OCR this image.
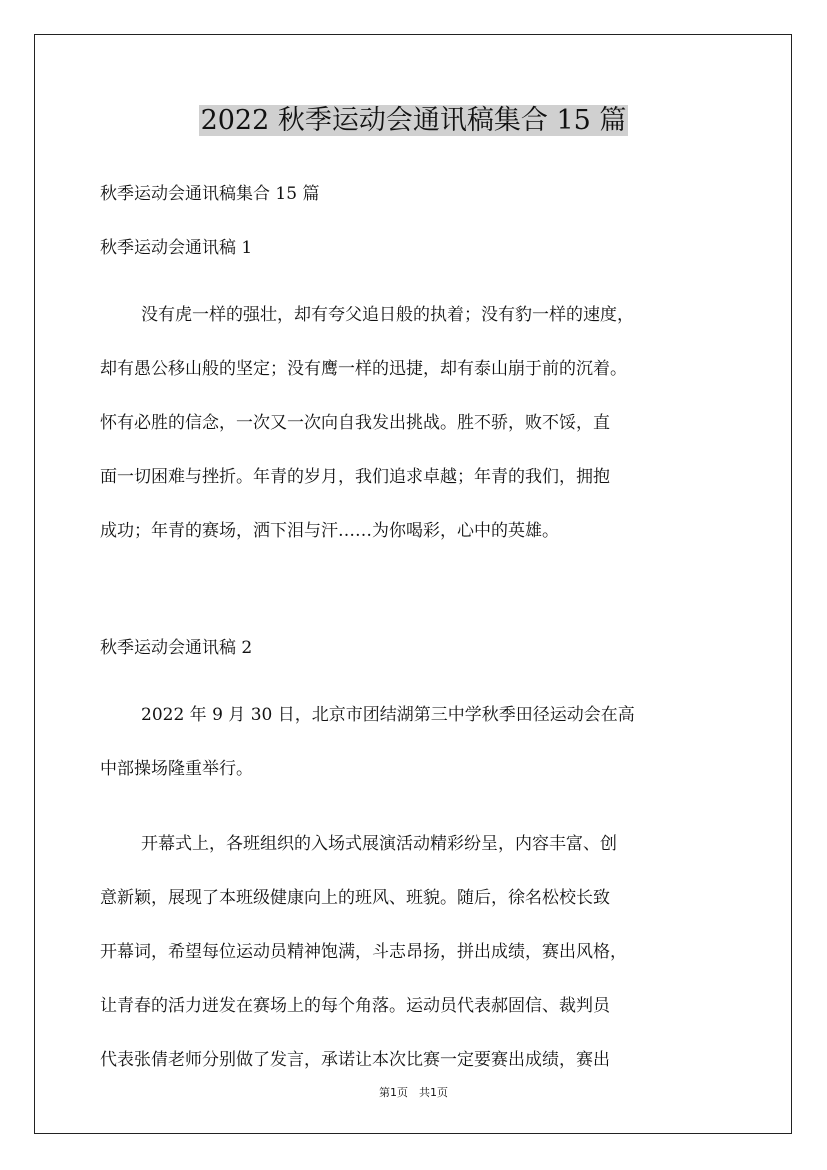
2022 秋季运动会通讯稿集合 15 篇
秋季运动会通讯稿集合 15 篇
秋季运动会通讯稿 1
没有虎一样的强壮，却有夸父追日般的执着；没有豹一样的速度，
却有愚公移山般的坚定；没有鹰一样的迅捷，却有泰山崩于前的沉着。
怀有必胜的信念，一次又一次向自我发出挑战。胜不骄，败不馁，直
面一切困难与挫折。年青的岁月，我们追求卓越；年青的我们，拥抱
成功；年青的赛场，洒下泪与汗……为你喝彩，心中的英雄。
秋季运动会通讯稿 2
2022 年 9 月 30 日，北京市团结湖第三中学秋季田径运动会在高
中部操场隆重举行。
开幕式上，各班组织的入场式展演活动精彩纷呈，内容丰富、创
意新颖，展现了本班级健康向上的班风、班貌。随后，徐名松校长致
开幕词，希望每位运动员精神饱满，斗志昂扬，拼出成绩，赛出风格，
让青春的活力迸发在赛场上的每个角落。运动员代表郝固信、裁判员
代表张倩老师分别做了发言，承诺让本次比赛一定要赛出成绩，赛出
第1页　共1页
